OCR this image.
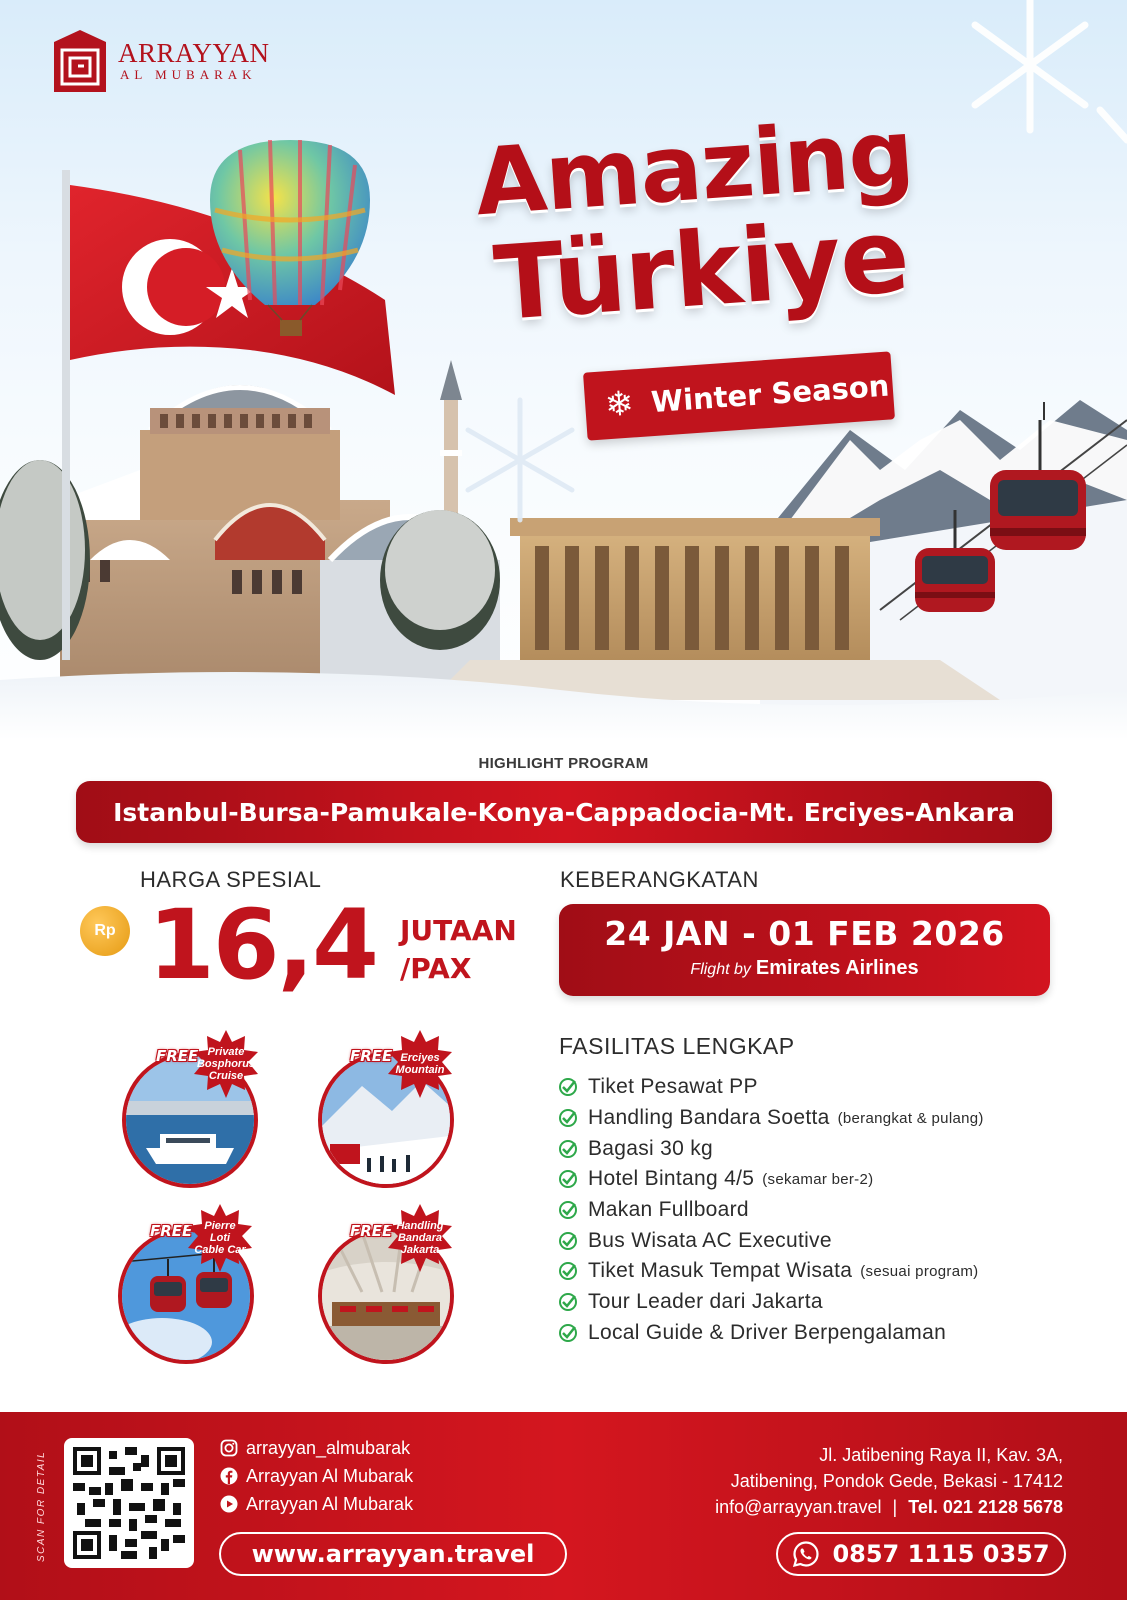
ARRAYYAN
AL MUBARAK
Amazing
Türkiye
❄ Winter Season
HIGHLIGHT PROGRAM
Istanbul-Bursa-Pamukale-Konya-Cappadocia-Mt. Erciyes-Ankara
HARGA SPESIAL
Rp 16,4 JUTAAN
/PAX
KEBERANGKATAN
24 JAN - 01 FEB 2026
Flight by Emirates Airlines
FREE Private Bosphorus Cruise
FREE Erciyes Mountain
FREE	Pierre Loti Cable Car
FREE Handling Bandara Jakarta
FASILITAS LENGKAP
Tiket Pesawat PP
Handling Bandara Soetta (berangkat & pulang)
Bagasi 30 kg
Hotel Bintang 4/5 (sekamar ber-2)
Makan Fullboard
Bus Wisata AC Executive
Tiket Masuk Tempat Wisata (sesuai program)
Tour Leader dari Jakarta
Local Guide & Driver Berpengalaman
SCAN FOR DETAIL
arrayyan_almubarak
Arrayyan Al Mubarak
Arrayyan Al Mubarak
www.arrayyan.travel
Jl. Jatibening Raya II, Kav. 3A,
Jatibening, Pondok Gede, Bekasi - 17412
info@arrayyan.travel | Tel. 021 2128 5678
0857 1115 0357
